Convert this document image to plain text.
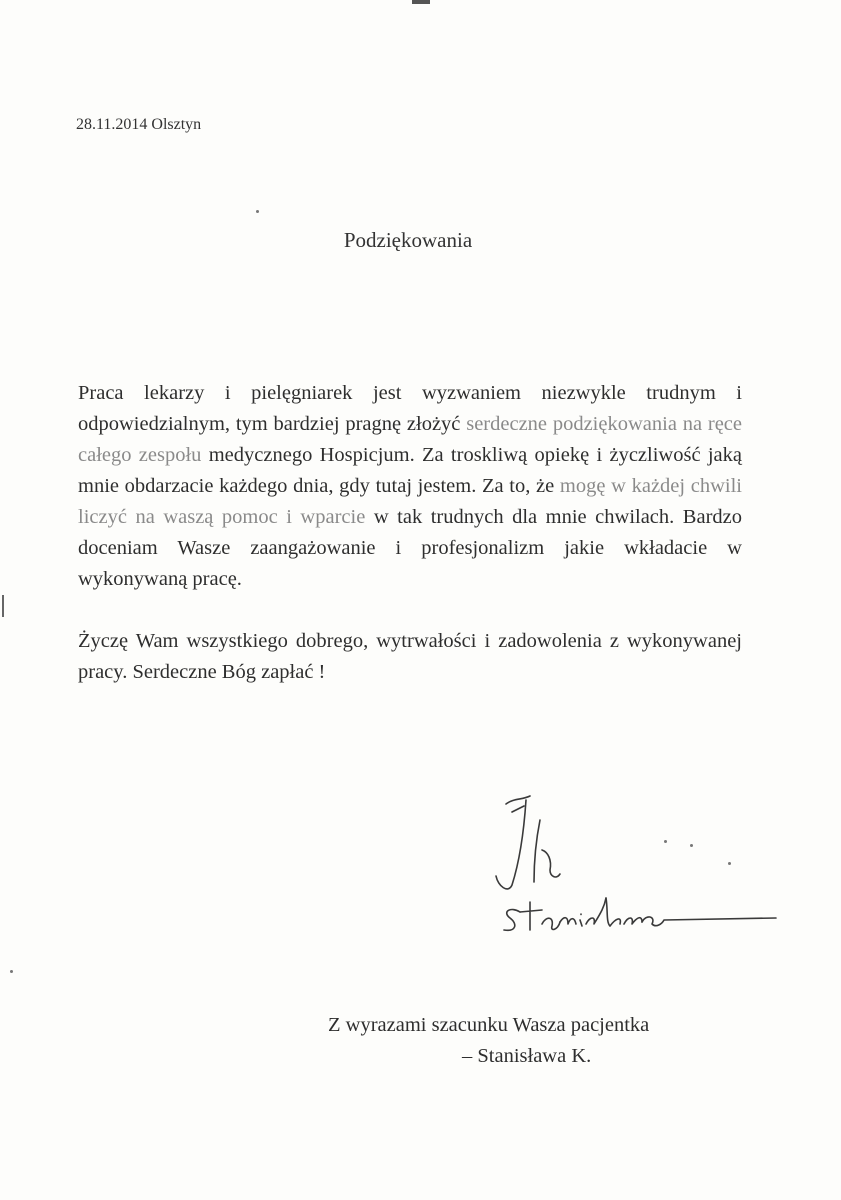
28.11.2014 Olsztyn
Podziękowania

Praca lekarzy i pielęgniarek jest wyzwaniem niezwykle trudnym i odpowiedzialnym, tym bardziej pragnę złożyć serdeczne podziękowania na ręce całego zespołu medycznego Hospicjum. Za troskliwą opiekę i życzliwość jaką mnie obdarzacie każdego dnia, gdy tutaj jestem. Za to, że mogę w każdej chwili liczyć na waszą pomoc i wparcie w tak trudnych dla mnie chwilach. Bardzo doceniam Wasze zaangażowanie i profesjonalizm jakie wkładacie w wykonywaną pracę.

Życzę Wam wszystkiego dobrego, wytrwałości i zadowolenia z wykonywanej pracy. Serdeczne Bóg zapłać !

Z wyrazami szacunku Wasza pacjentka
– Stanisława K.
